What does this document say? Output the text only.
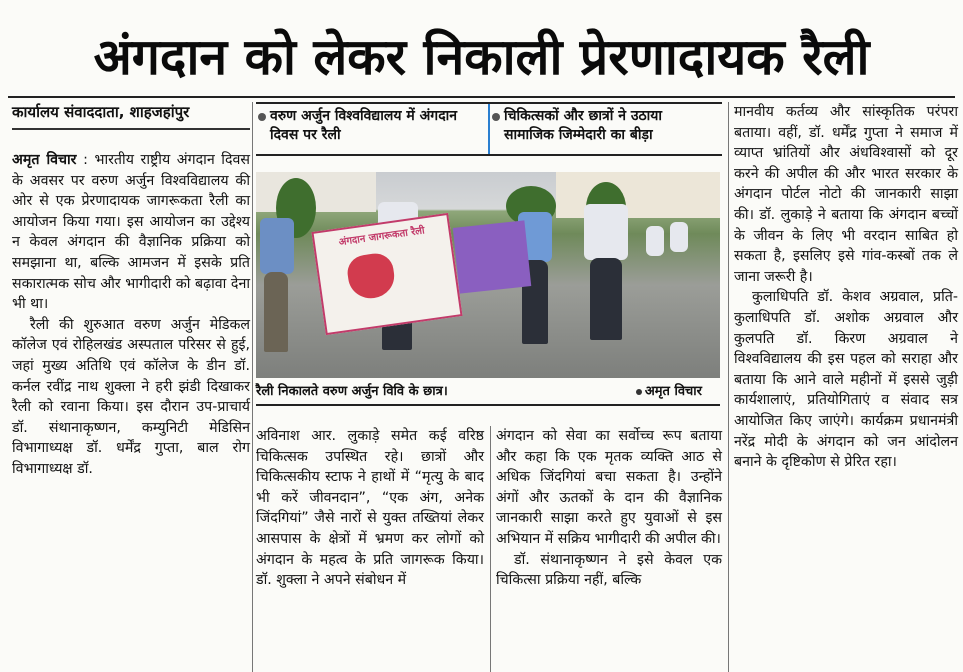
अंगदान को लेकर निकाली प्रेरणादायक रैली
कार्यालय संवाददाता, शाहजहांपुर	वरुण अर्जुन विश्वविद्यालय में अंगदान दिवस पर रैली
चिकित्सकों और छात्रों ने उठाया सामाजिक जिम्मेदारी का बीड़ा
अंगदान जागरूकता रैली
रैली निकालते वरुण अर्जुन विवि के छात्र।	अमृत विचार

अमृत विचार : भारतीय राष्ट्रीय अंगदान दिवस के अवसर पर वरुण अर्जुन विश्वविद्यालय की ओर से एक प्रेरणादायक जागरूकता रैली का आयोजन किया गया। इस आयोजन का उद्देश्य न केवल अंगदान की वैज्ञानिक प्रक्रिया को समझाना था, बल्कि आमजन में इसके प्रति सकारात्मक सोच और भागीदारी को बढ़ावा देना भी था।

रैली की शुरुआत वरुण अर्जुन मेडिकल कॉलेज एवं रोहिलखंड अस्पताल परिसर से हुई, जहां मुख्य अतिथि एवं कॉलेज के डीन डॉ. कर्नल रवींद्र नाथ शुक्ला ने हरी झंडी दिखाकर रैली को रवाना किया। इस दौरान उप-प्राचार्य डॉ. संथानाकृष्णन, कम्युनिटी मेडिसिन विभागाध्यक्ष डॉ. धर्मेंद्र गुप्ता, बाल रोग विभागाध्यक्ष डॉ.

अविनाश आर. लुकाड़े समेत कई वरिष्ठ चिकित्सक उपस्थित रहे। छात्रों और चिकित्सकीय स्टाफ ने हाथों में “मृत्यु के बाद भी करें जीवनदान”, “एक अंग, अनेक जिंदगियां” जैसे नारों से युक्त तख्तियां लेकर आसपास के क्षेत्रों में भ्रमण कर लोगों को अंगदान के महत्व के प्रति जागरूक किया। डॉ. शुक्ला ने अपने संबोधन में

अंगदान को सेवा का सर्वोच्च रूप बताया और कहा कि एक मृतक व्यक्ति आठ से अधिक जिंदगियां बचा सकता है। उन्होंने अंगों और ऊतकों के दान की वैज्ञानिक जानकारी साझा करते हुए युवाओं से इस अभियान में सक्रिय भागीदारी की अपील की।

डॉ. संथानाकृष्णन ने इसे केवल एक चिकित्सा प्रक्रिया नहीं, बल्कि

मानवीय कर्तव्य और सांस्कृतिक परंपरा बताया। वहीं, डॉ. धर्मेंद्र गुप्ता ने समाज में व्याप्त भ्रांतियों और अंधविश्वासों को दूर करने की अपील की और भारत सरकार के अंगदान पोर्टल नोटो की जानकारी साझा की। डॉ. लुकाड़े ने बताया कि अंगदान बच्चों के जीवन के लिए भी वरदान साबित हो सकता है, इसलिए इसे गांव-कस्बों तक ले जाना जरूरी है।

कुलाधिपति डॉ. केशव अग्रवाल, प्रति-कुलाधिपति डॉ. अशोक अग्रवाल और कुलपति डॉ. किरण अग्रवाल ने विश्वविद्यालय की इस पहल को सराहा और बताया कि आने वाले महीनों में इससे जुड़ी कार्यशालाएं, प्रतियोगिताएं व संवाद सत्र आयोजित किए जाएंगे। कार्यक्रम प्रधानमंत्री नरेंद्र मोदी के अंगदान को जन आंदोलन बनाने के दृष्टिकोण से प्रेरित रहा।
